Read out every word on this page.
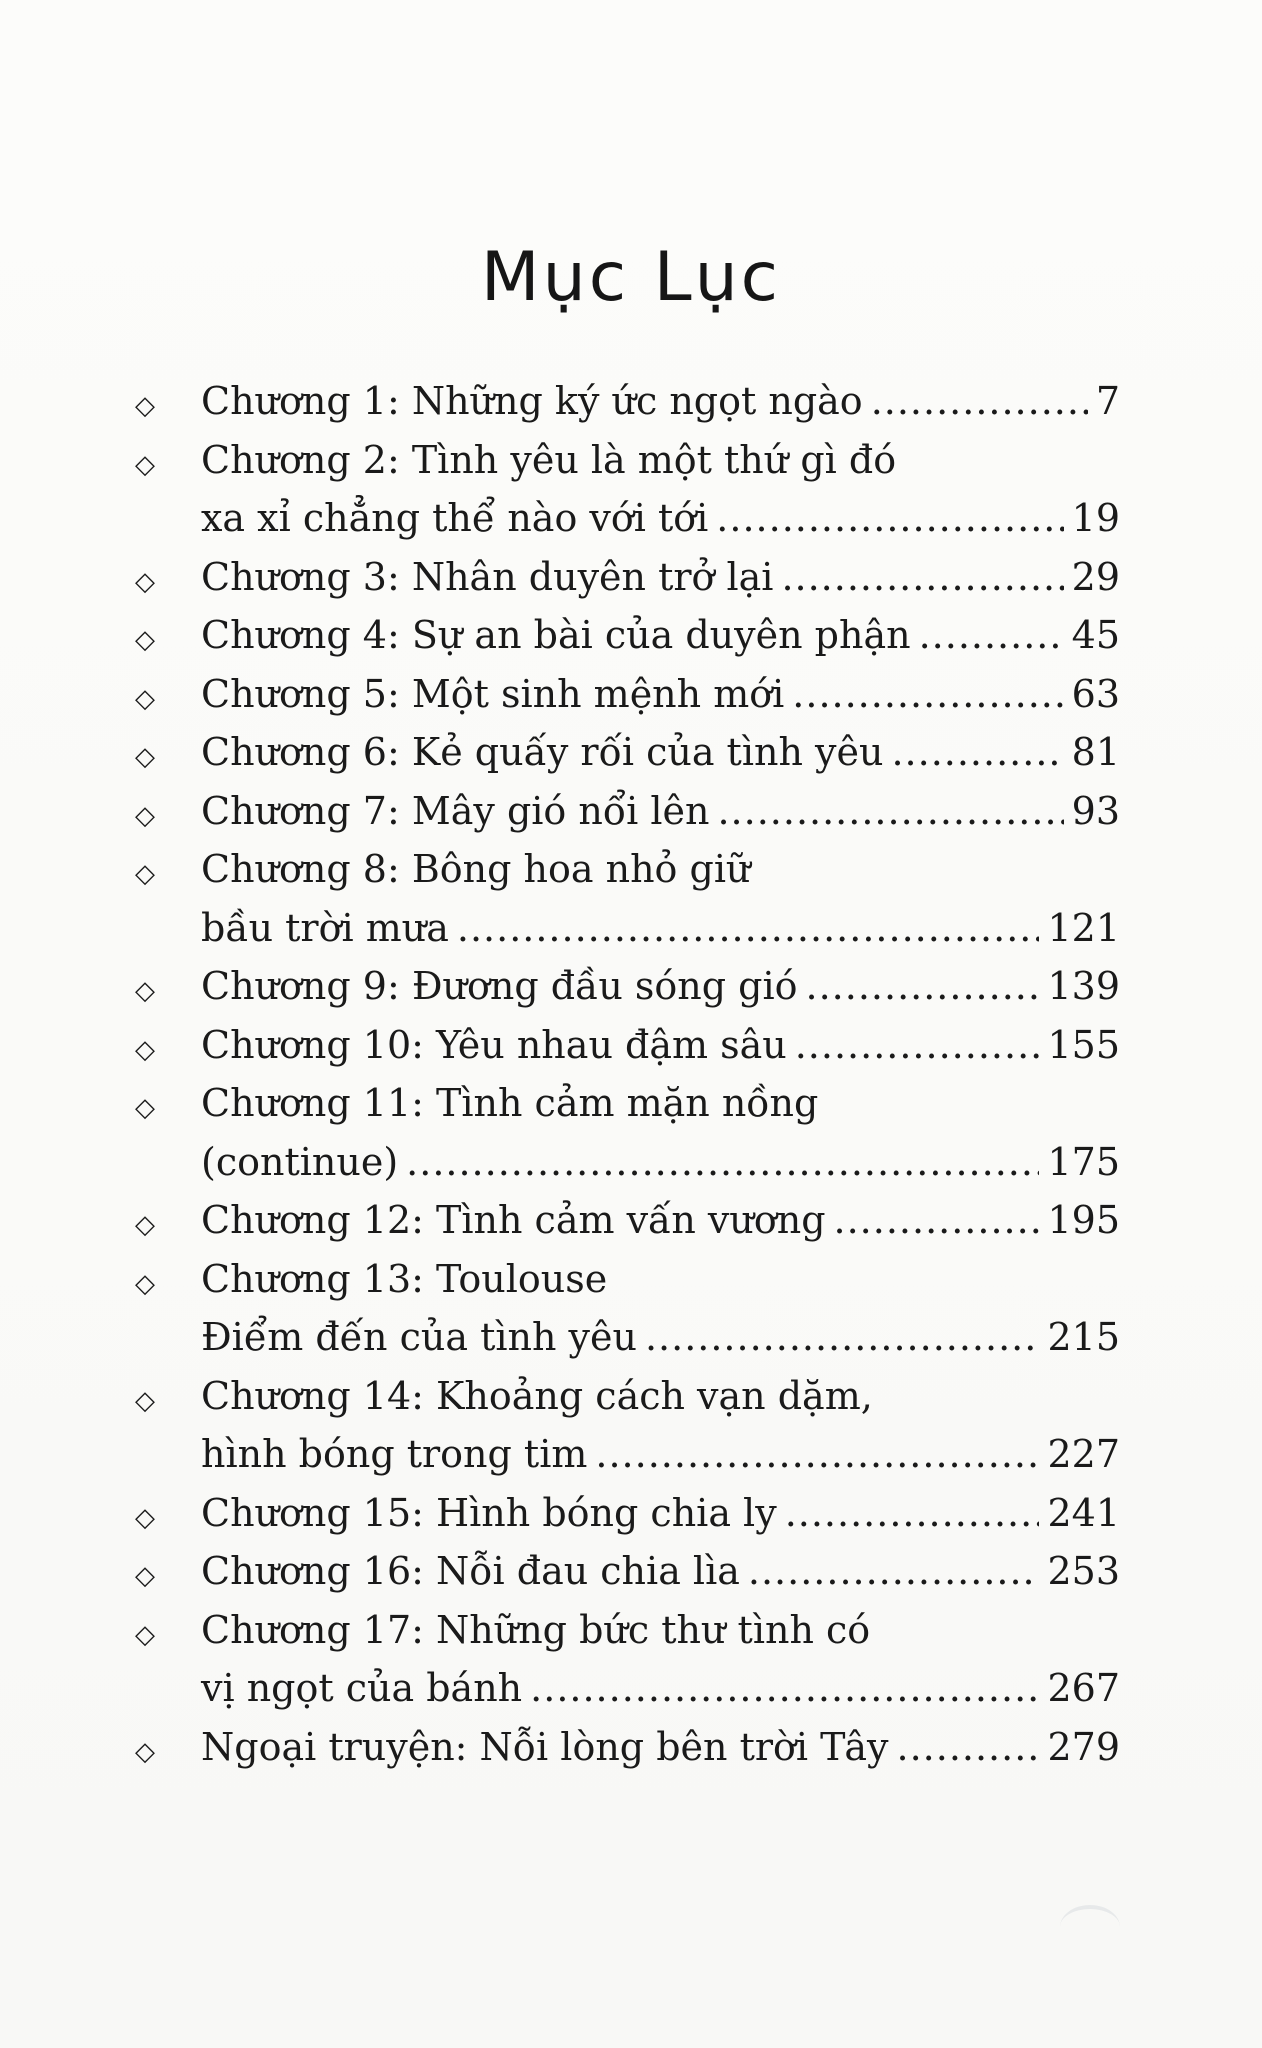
Mục Lục
◇	Chương 1: Những ký ức ngọt ngào .....	7
◇	Chương 2: Tình yêu là một thứ gì đó
xa xỉ chẳng thể nào với tới .....	19
◇	Chương 3: Nhân duyên trở lại .....	29
◇	Chương 4: Sự an bài của duyên phận .....	45
◇	Chương 5: Một sinh mệnh mới .....	63
◇	Chương 6: Kẻ quấy rối của tình yêu .....	81
◇	Chương 7: Mây gió nổi lên .....	93
◇	Chương 8: Bông hoa nhỏ giữ
bầu trời mưa .....	121
◇	Chương 9: Đương đầu sóng gió .....	139
◇	Chương 10: Yêu nhau đậm sâu .....	155
◇	Chương 11: Tình cảm mặn nồng
(continue) .....	175
◇	Chương 12: Tình cảm vấn vương .....	195
◇	Chương 13: Toulouse
Điểm đến của tình yêu .....	215
◇	Chương 14: Khoảng cách vạn dặm,
hình bóng trong tim .....	227
◇	Chương 15: Hình bóng chia ly .....	241
◇	Chương 16: Nỗi đau chia lìa .....	253
◇	Chương 17: Những bức thư tình có
vị ngọt của bánh .....	267
◇	Ngoại truyện: Nỗi lòng bên trời Tây .....	279
